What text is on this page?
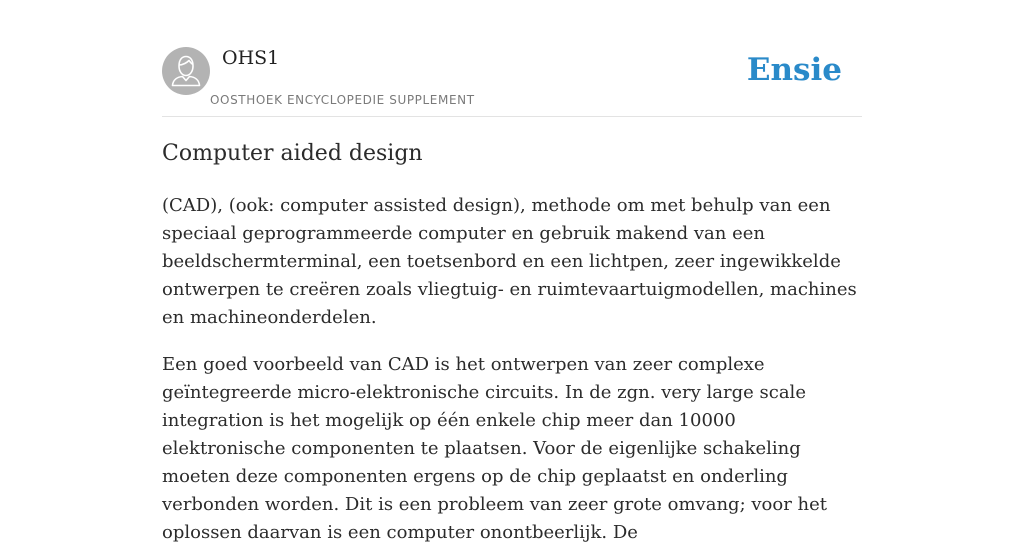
OHS1
OOSTHOEK ENCYCLOPEDIE SUPPLEMENT
Ensie
Computer aided design

(CAD), (ook: computer assisted design), methode om met behulp van een speciaal geprogrammeerde computer en gebruik makend van een beeldschermterminal, een toetsenbord en een lichtpen, zeer ingewikkelde ontwerpen te creëren zoals vliegtuig- en ruimtevaartuigmodellen, machines en machineonderdelen.

Een goed voorbeeld van CAD is het ontwerpen van zeer complexe geïntegreerde micro-elektronische circuits. In de zgn. very large scale integration is het mogelijk op één enkele chip meer dan 10000 elektronische componenten te plaatsen. Voor de eigenlijke schakeling moeten deze componenten ergens op de chip geplaatst en onderling verbonden worden. Dit is een probleem van zeer grote omvang; voor het oplossen daarvan is een computer onontbeerlijk. De
